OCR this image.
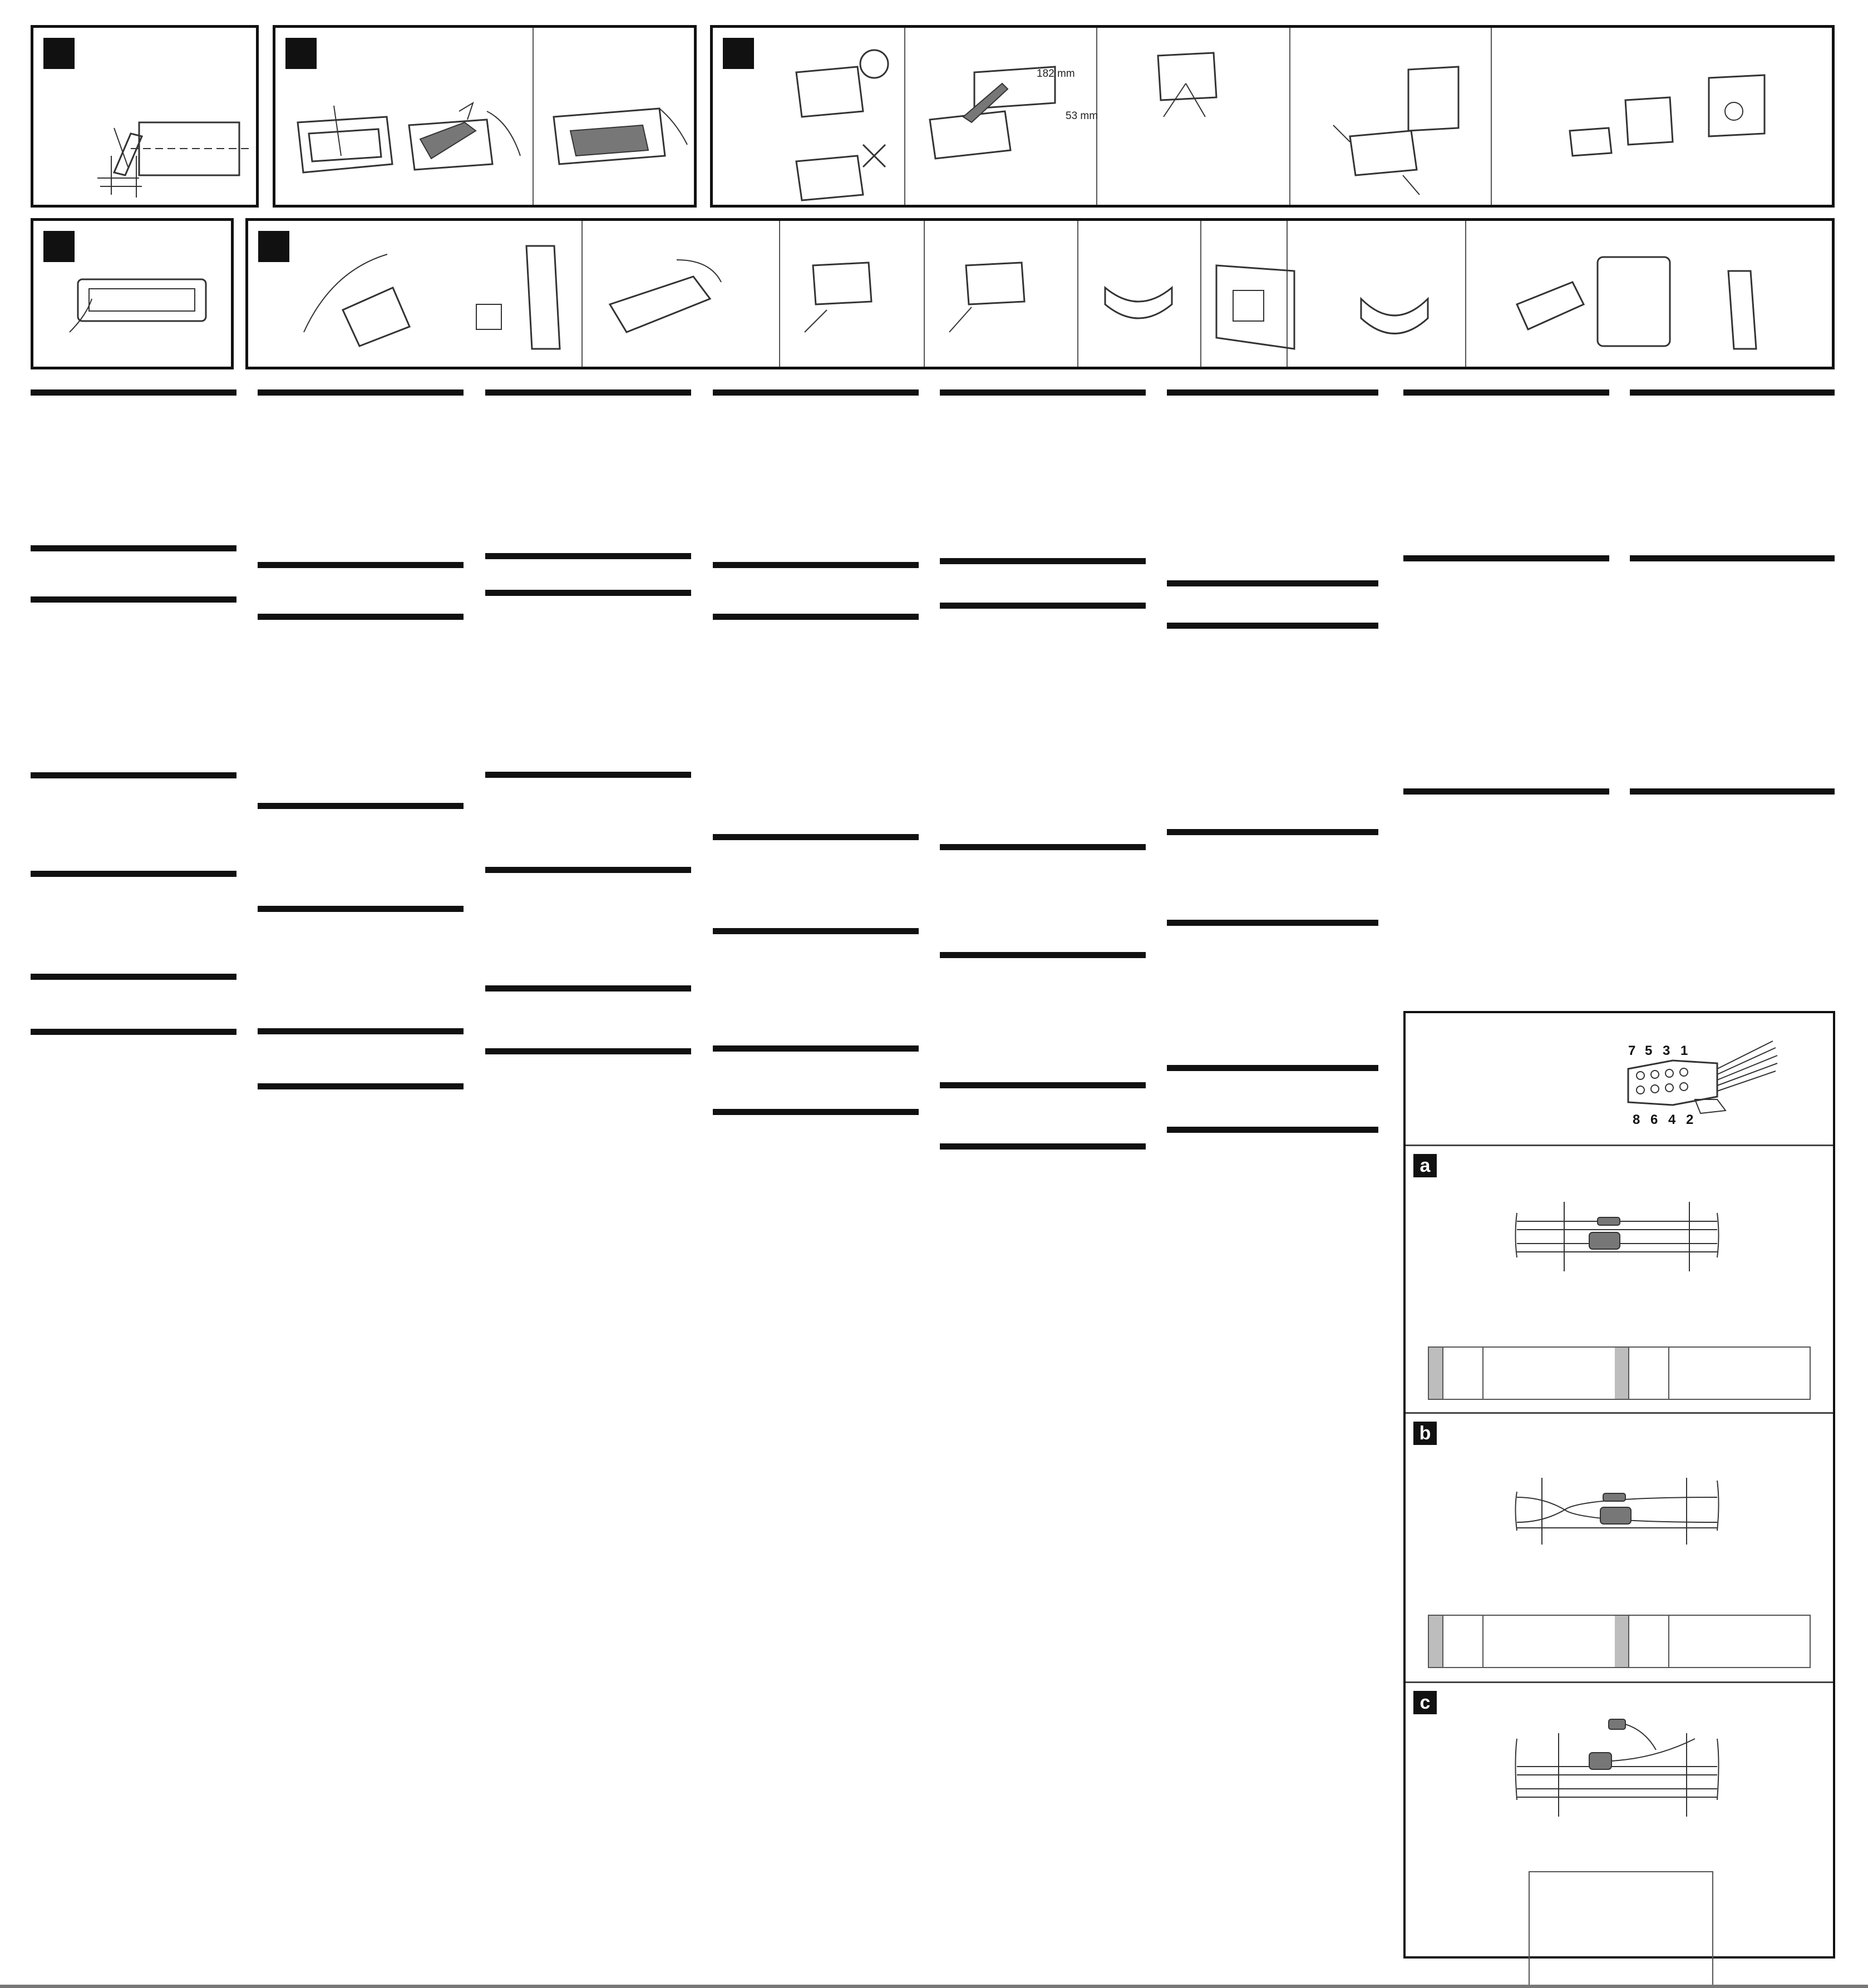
182 mm
53 mm
7 5 3 1
8 6 4 2
a
b
c
